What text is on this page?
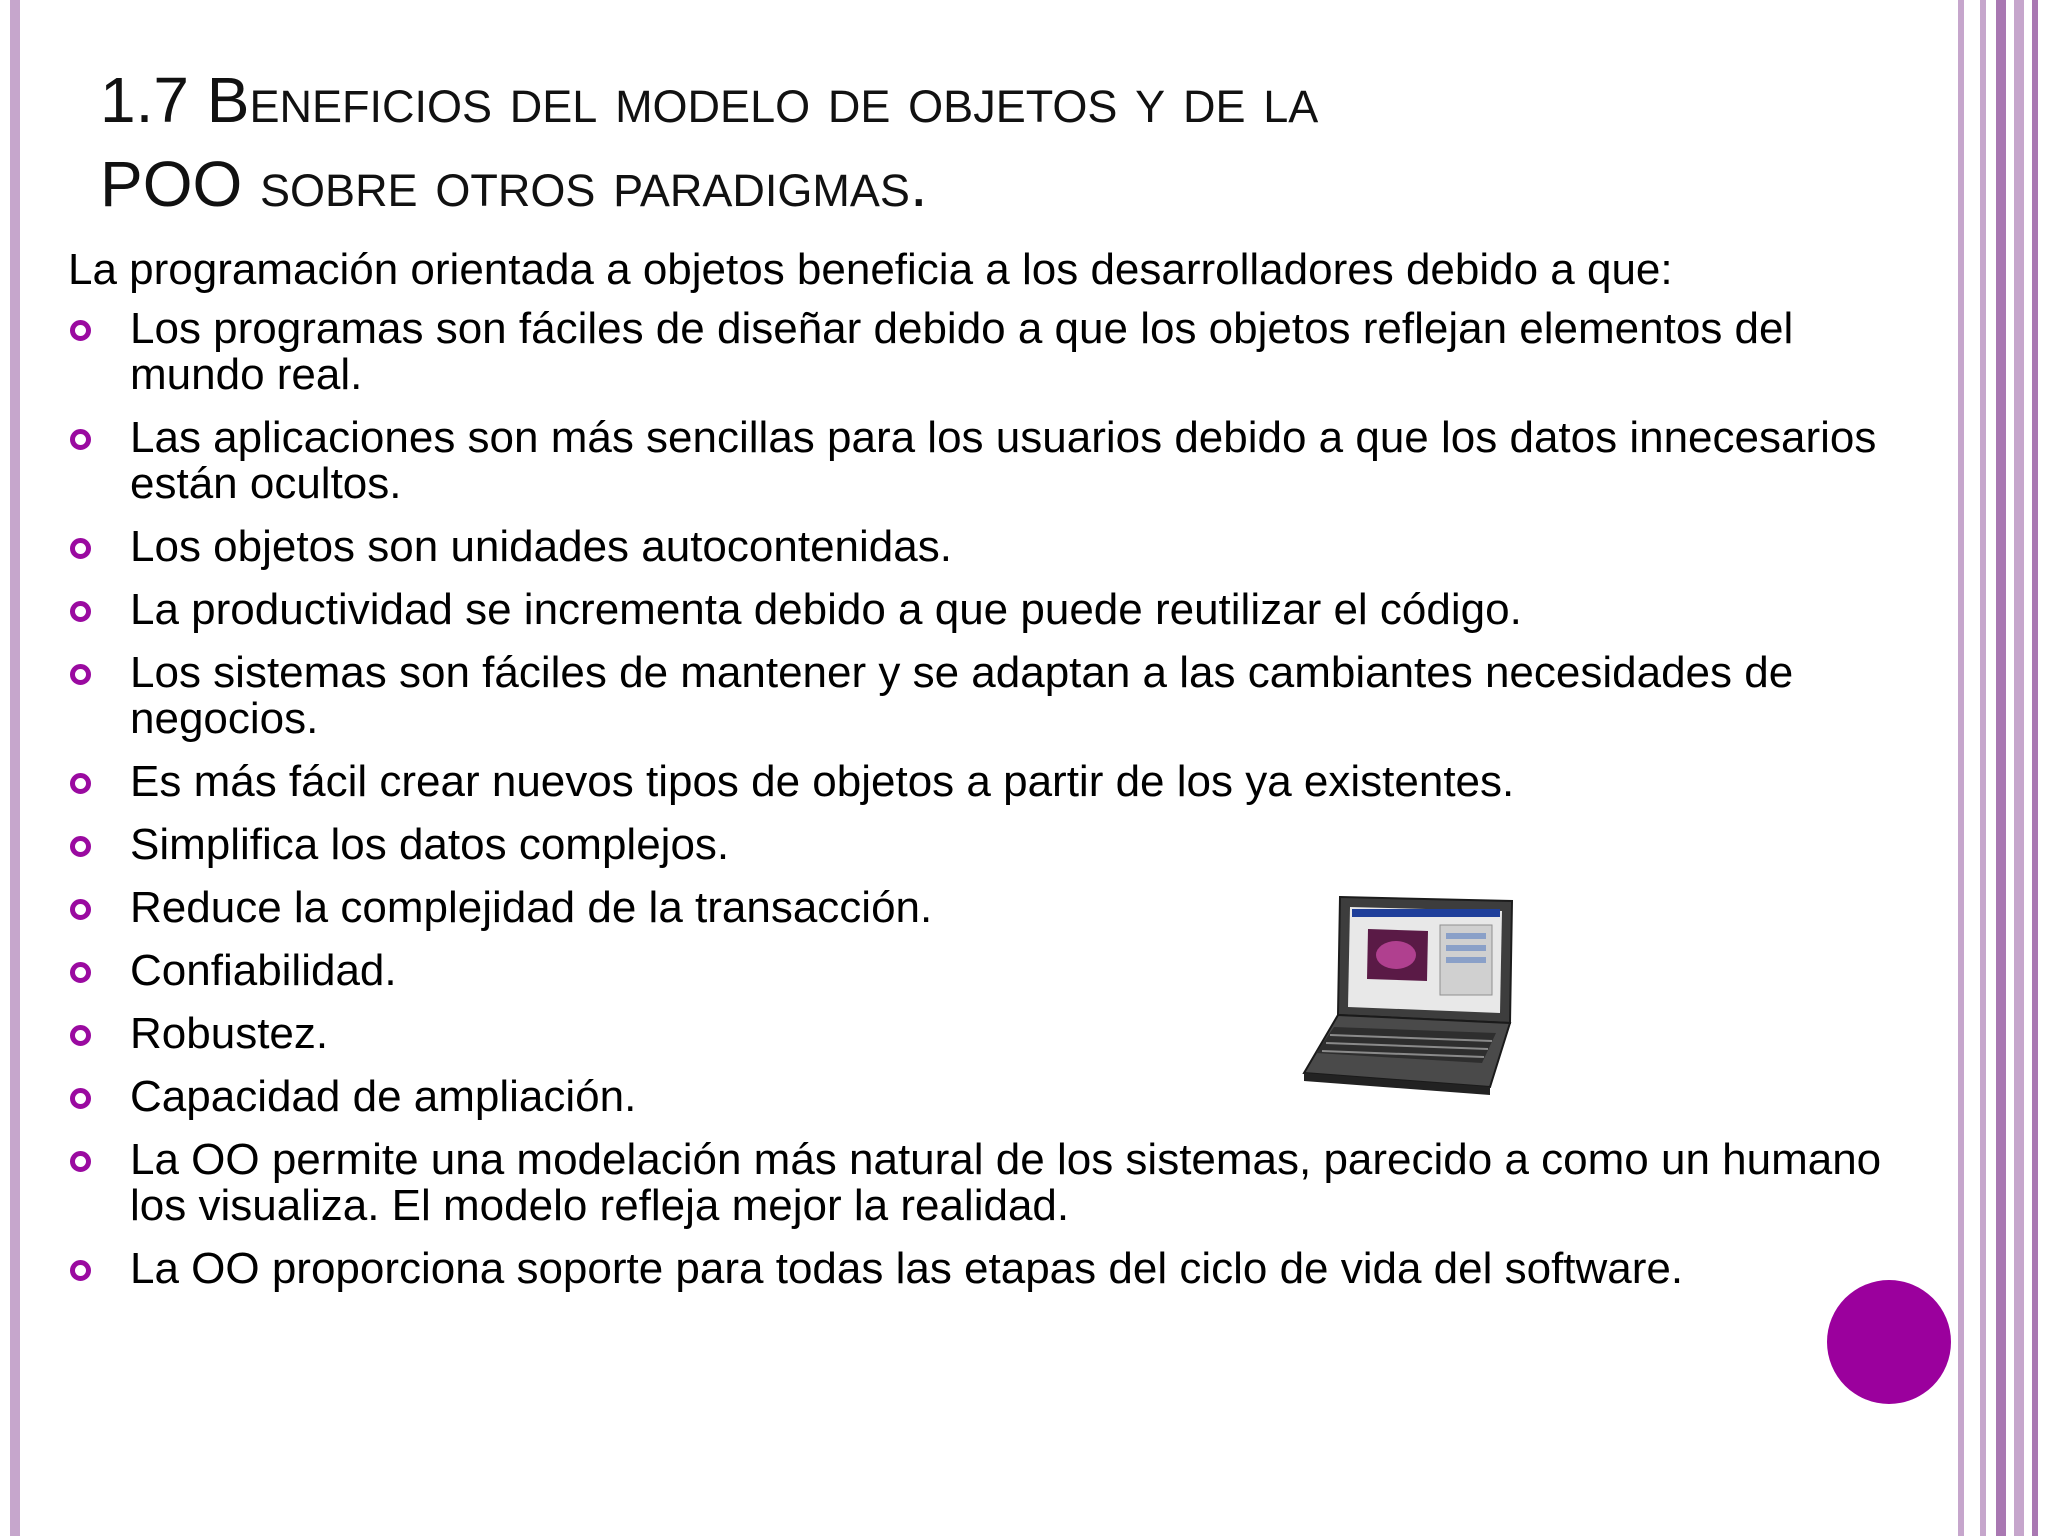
1.7 Beneficios del modelo de objetos y de la
POO sobre otros paradigmas.
La programación orientada a objetos beneficia a los desarrolladores debido a que:
Los programas son fáciles de diseñar debido a que los objetos reflejan elementos del mundo real.
Las aplicaciones son más sencillas para los usuarios debido a que los datos innecesarios están ocultos.
Los objetos son unidades autocontenidas.
La productividad se incrementa debido a que puede reutilizar el código.
Los sistemas son fáciles de mantener y se adaptan a las cambiantes necesidades de negocios.
Es más fácil crear nuevos tipos de objetos a partir de los ya existentes.
Simplifica los datos complejos.
Reduce la complejidad de la transacción.
Confiabilidad.
Robustez.
Capacidad de ampliación.
La OO permite una modelación más natural de los sistemas, parecido a como un humano los visualiza. El modelo refleja mejor la realidad.
La OO proporciona soporte para todas las etapas del ciclo de vida del software.
